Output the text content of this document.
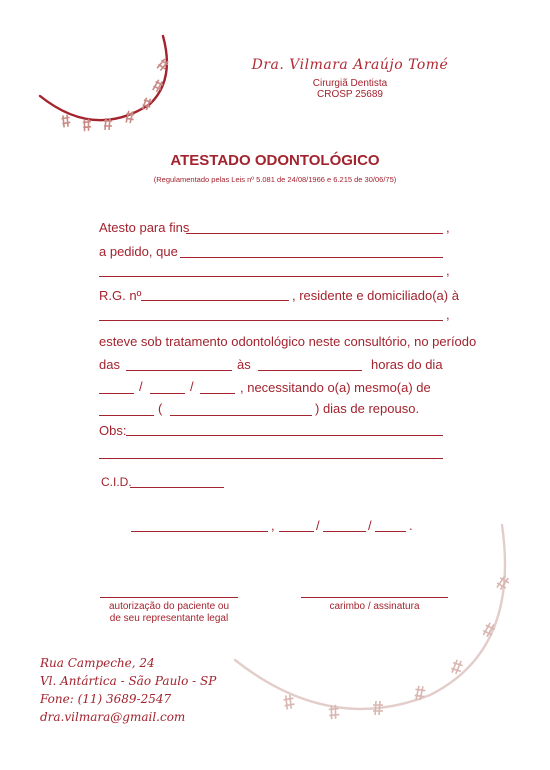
Dra. Vilmara Araújo Tomé
Cirurgiã Dentista
CROSP 25689
ATESTADO ODONTOLÓGICO
(Regulamentado pelas Leis nº 5.081 de 24/08/1966 e 6.215 de 30/06/75)
Atesto para fins	,
a pedido, que
,
R.G. nº	, residente e domiciliado(a) à
,
esteve sob tratamento odontológico neste consultório, no período
das	às	horas do dia
/	/	, necessitando o(a) mesmo(a) de
(	) dias de repouso.
Obs:
C.I.D.
,	/	/	.
autorização do paciente ou
de seu representante legal
carimbo / assinatura
Rua Campeche, 24
Vl. Antártica - São Paulo - SP
Fone: (11) 3689-2547
dra.vilmara@gmail.com
